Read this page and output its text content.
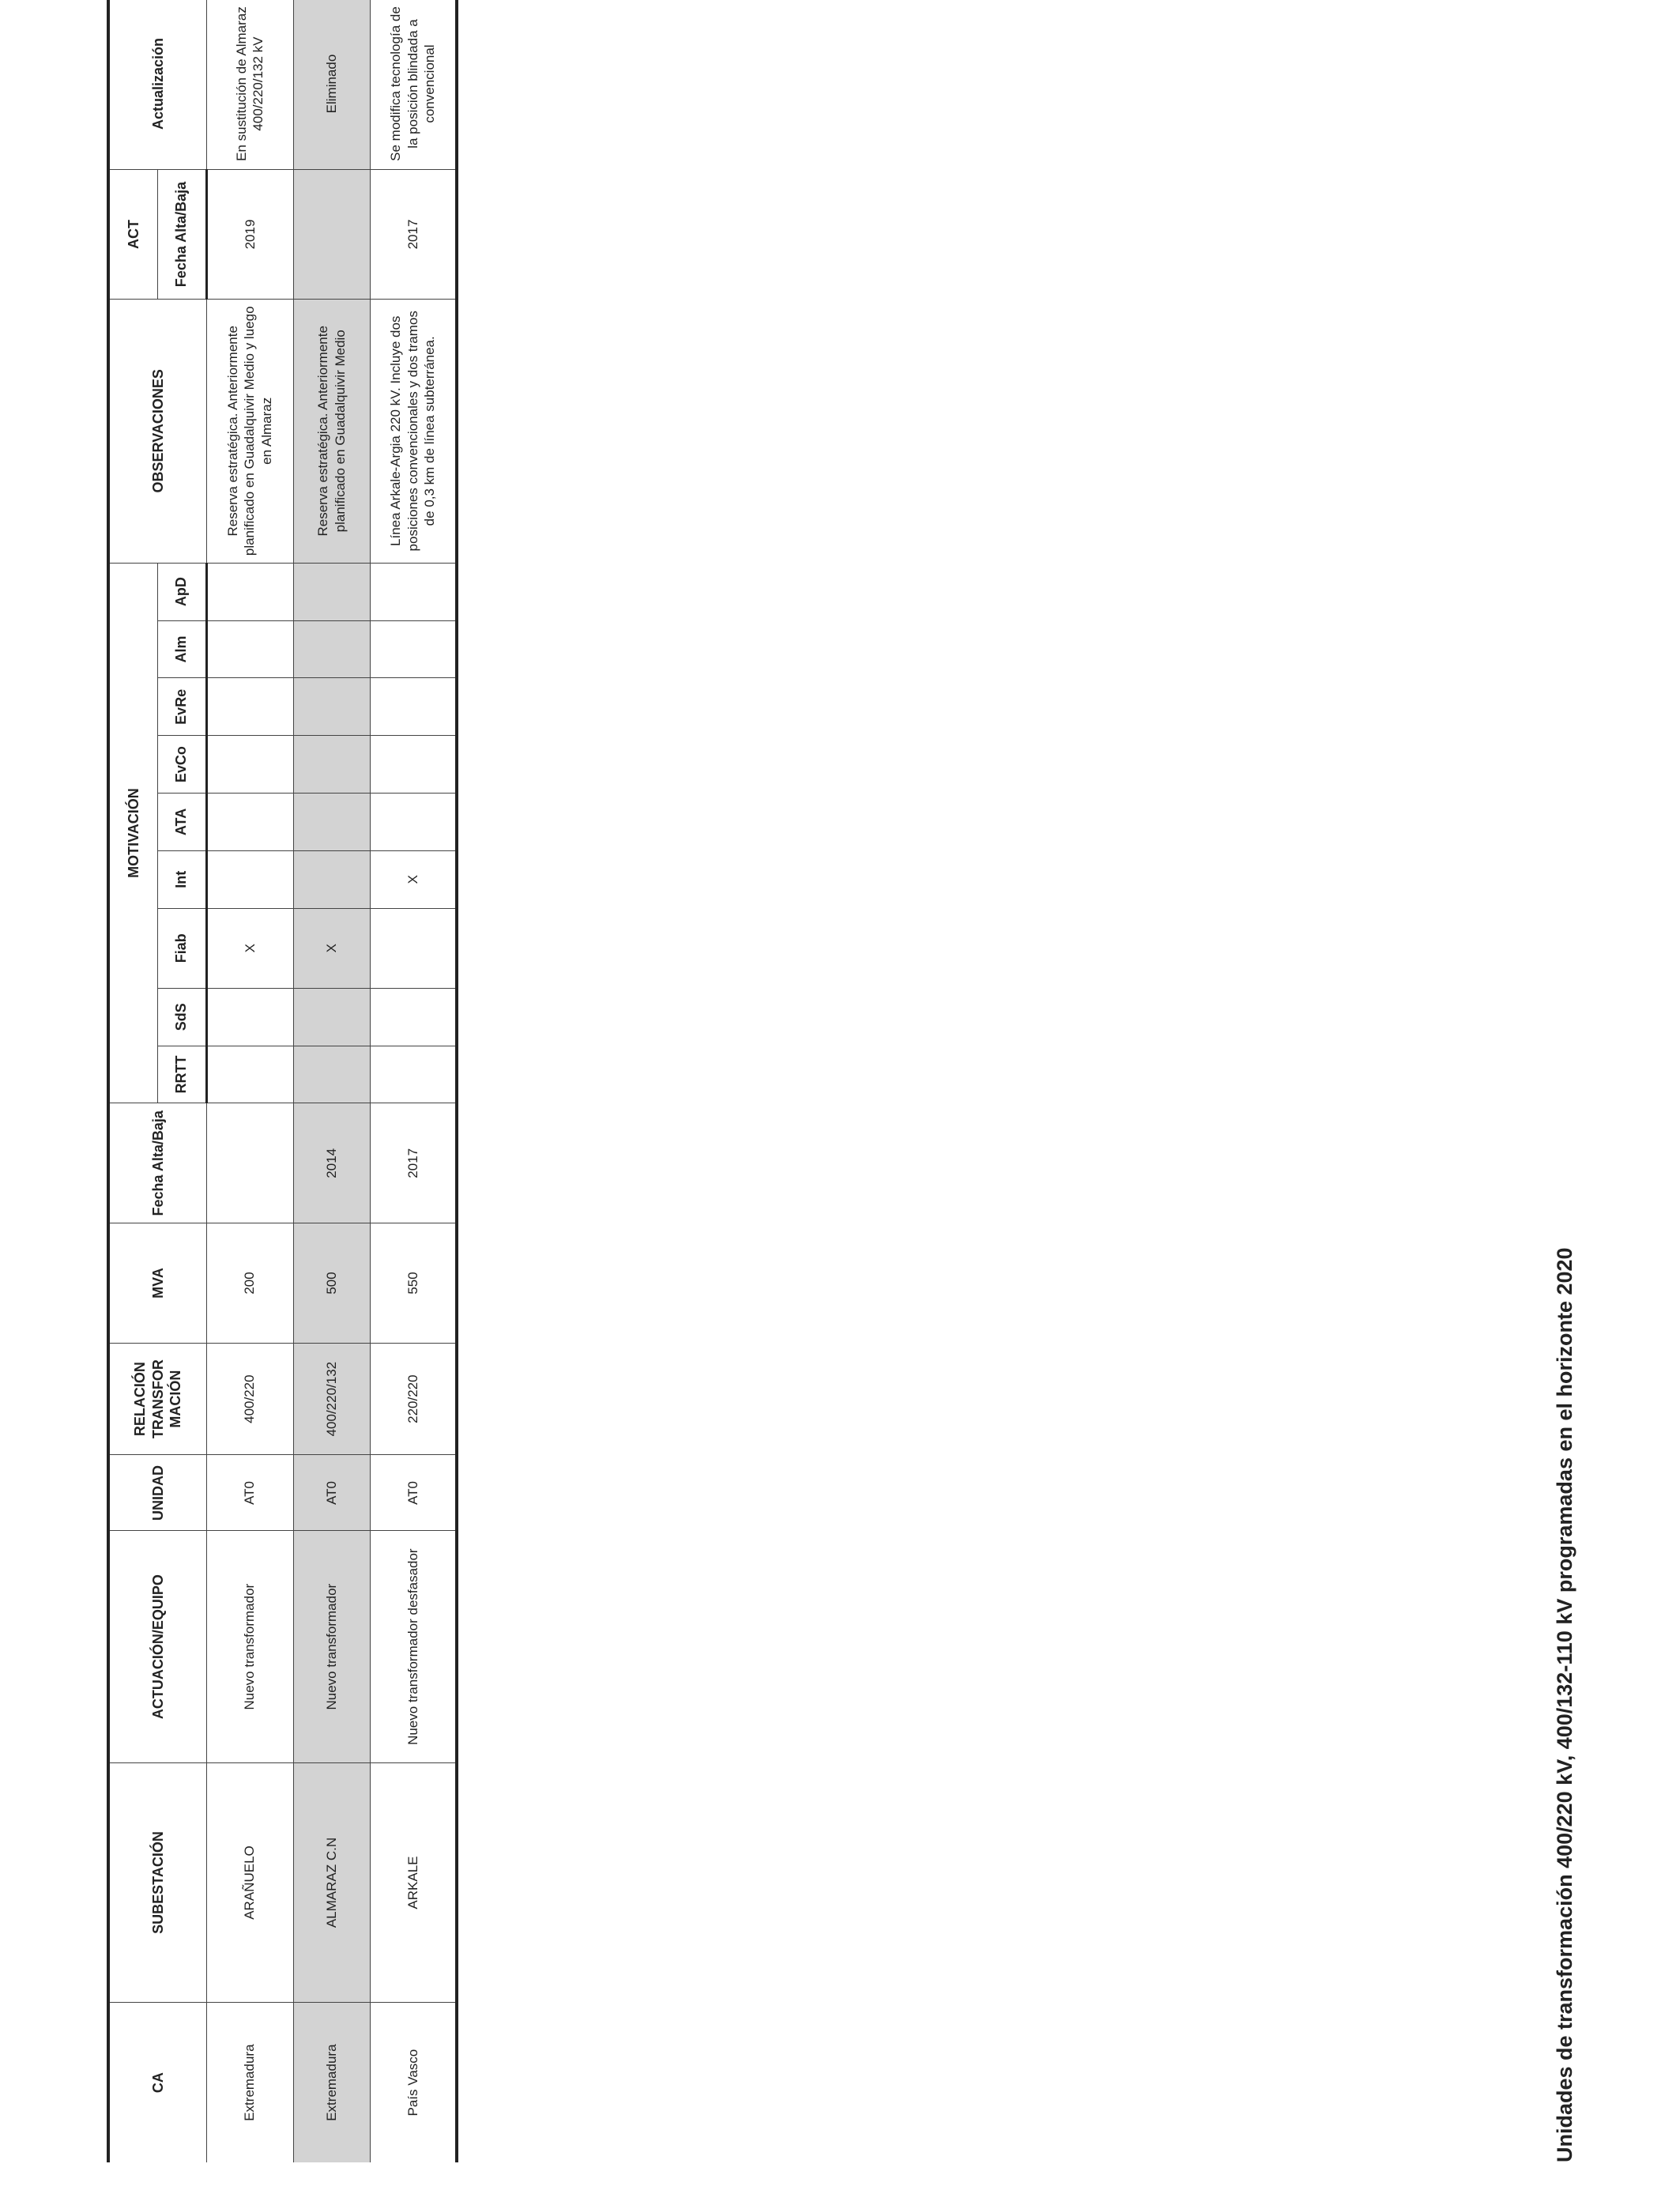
CA	SUBESTACIÓN	ACTUACIÓN/EQUIPO	UNIDAD	RELACIÓN TRANSFOR MACIÓN	MVA	Fecha Alta/Baja	MOTIVACIÓN									OBSERVACIONES	ACT	Actualización
							RRTT	SdS	Fiab	Int	ATA	EvCo	EvRe	Alm	ApD		Fecha Alta/Baja	
Extremadura	ARAÑUELO	Nuevo transformador	AT0	400/220	200				X							Reserva estratégica. Anteriormente planificado en Guadalquivir Medio y luego en Almaraz	2019	En sustitución de Almaraz 400/220/132 kV
Extremadura	ALMARAZ C.N	Nuevo transformador	AT0	400/220/132	500	2014			X							Reserva estratégica. Anteriormente planificado en Guadalquivir Medio		Eliminado
País Vasco	ARKALE	Nuevo transformador desfasador	AT0	220/220	550	2017				X						Línea Arkale-Argia 220 kV. Incluye dos posiciones convencionales y dos tramos de 0,3 km de línea subterránea.	2017	Se modifica tecnología de la posición blindada a convencional
Unidades de transformación 400/220 kV, 400/132-110 kV programadas en el horizonte 2020
